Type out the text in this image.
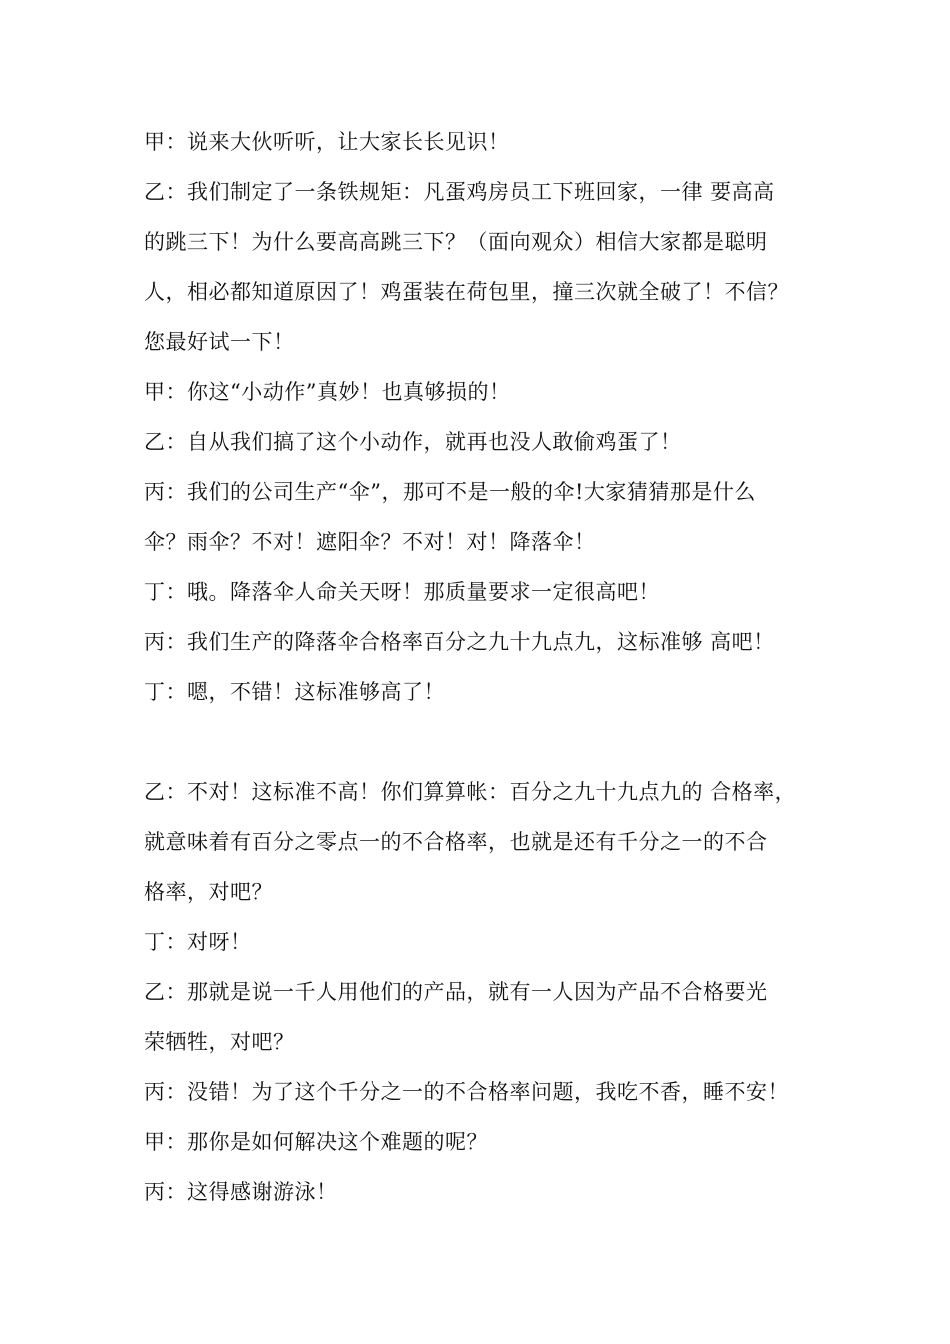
甲：说来大伙听听，让大家长长见识！
乙：我们制定了一条铁规矩：凡蛋鸡房员工下班回家，一律 要高高
的跳三下！为什么要高高跳三下？（面向观众）相信大家都是聪明
人，相必都知道原因了！鸡蛋装在荷包里，撞三次就全破了！不信？
您最好试一下！
甲：你这“小动作”真妙！也真够损的！
乙：自从我们搞了这个小动作，就再也没人敢偷鸡蛋了！
丙：我们的公司生产“伞”，那可不是一般的伞!大家猜猜那是什么
伞？雨伞？不对！遮阳伞？不对！对！降落伞！
丁：哦。降落伞人命关天呀！那质量要求一定很高吧！
丙：我们生产的降落伞合格率百分之九十九点九，这标准够 高吧！
丁：嗯，不错！这标准够高了！
乙：不对！这标准不高！你们算算帐：百分之九十九点九的 合格率，
就意味着有百分之零点一的不合格率，也就是还有千分之一的不合
格率，对吧？
丁：对呀！
乙：那就是说一千人用他们的产品，就有一人因为产品不合格要光
荣牺牲，对吧？
丙：没错！为了这个千分之一的不合格率问题，我吃不香，睡不安！
甲：那你是如何解决这个难题的呢？
丙：这得感谢游泳！
